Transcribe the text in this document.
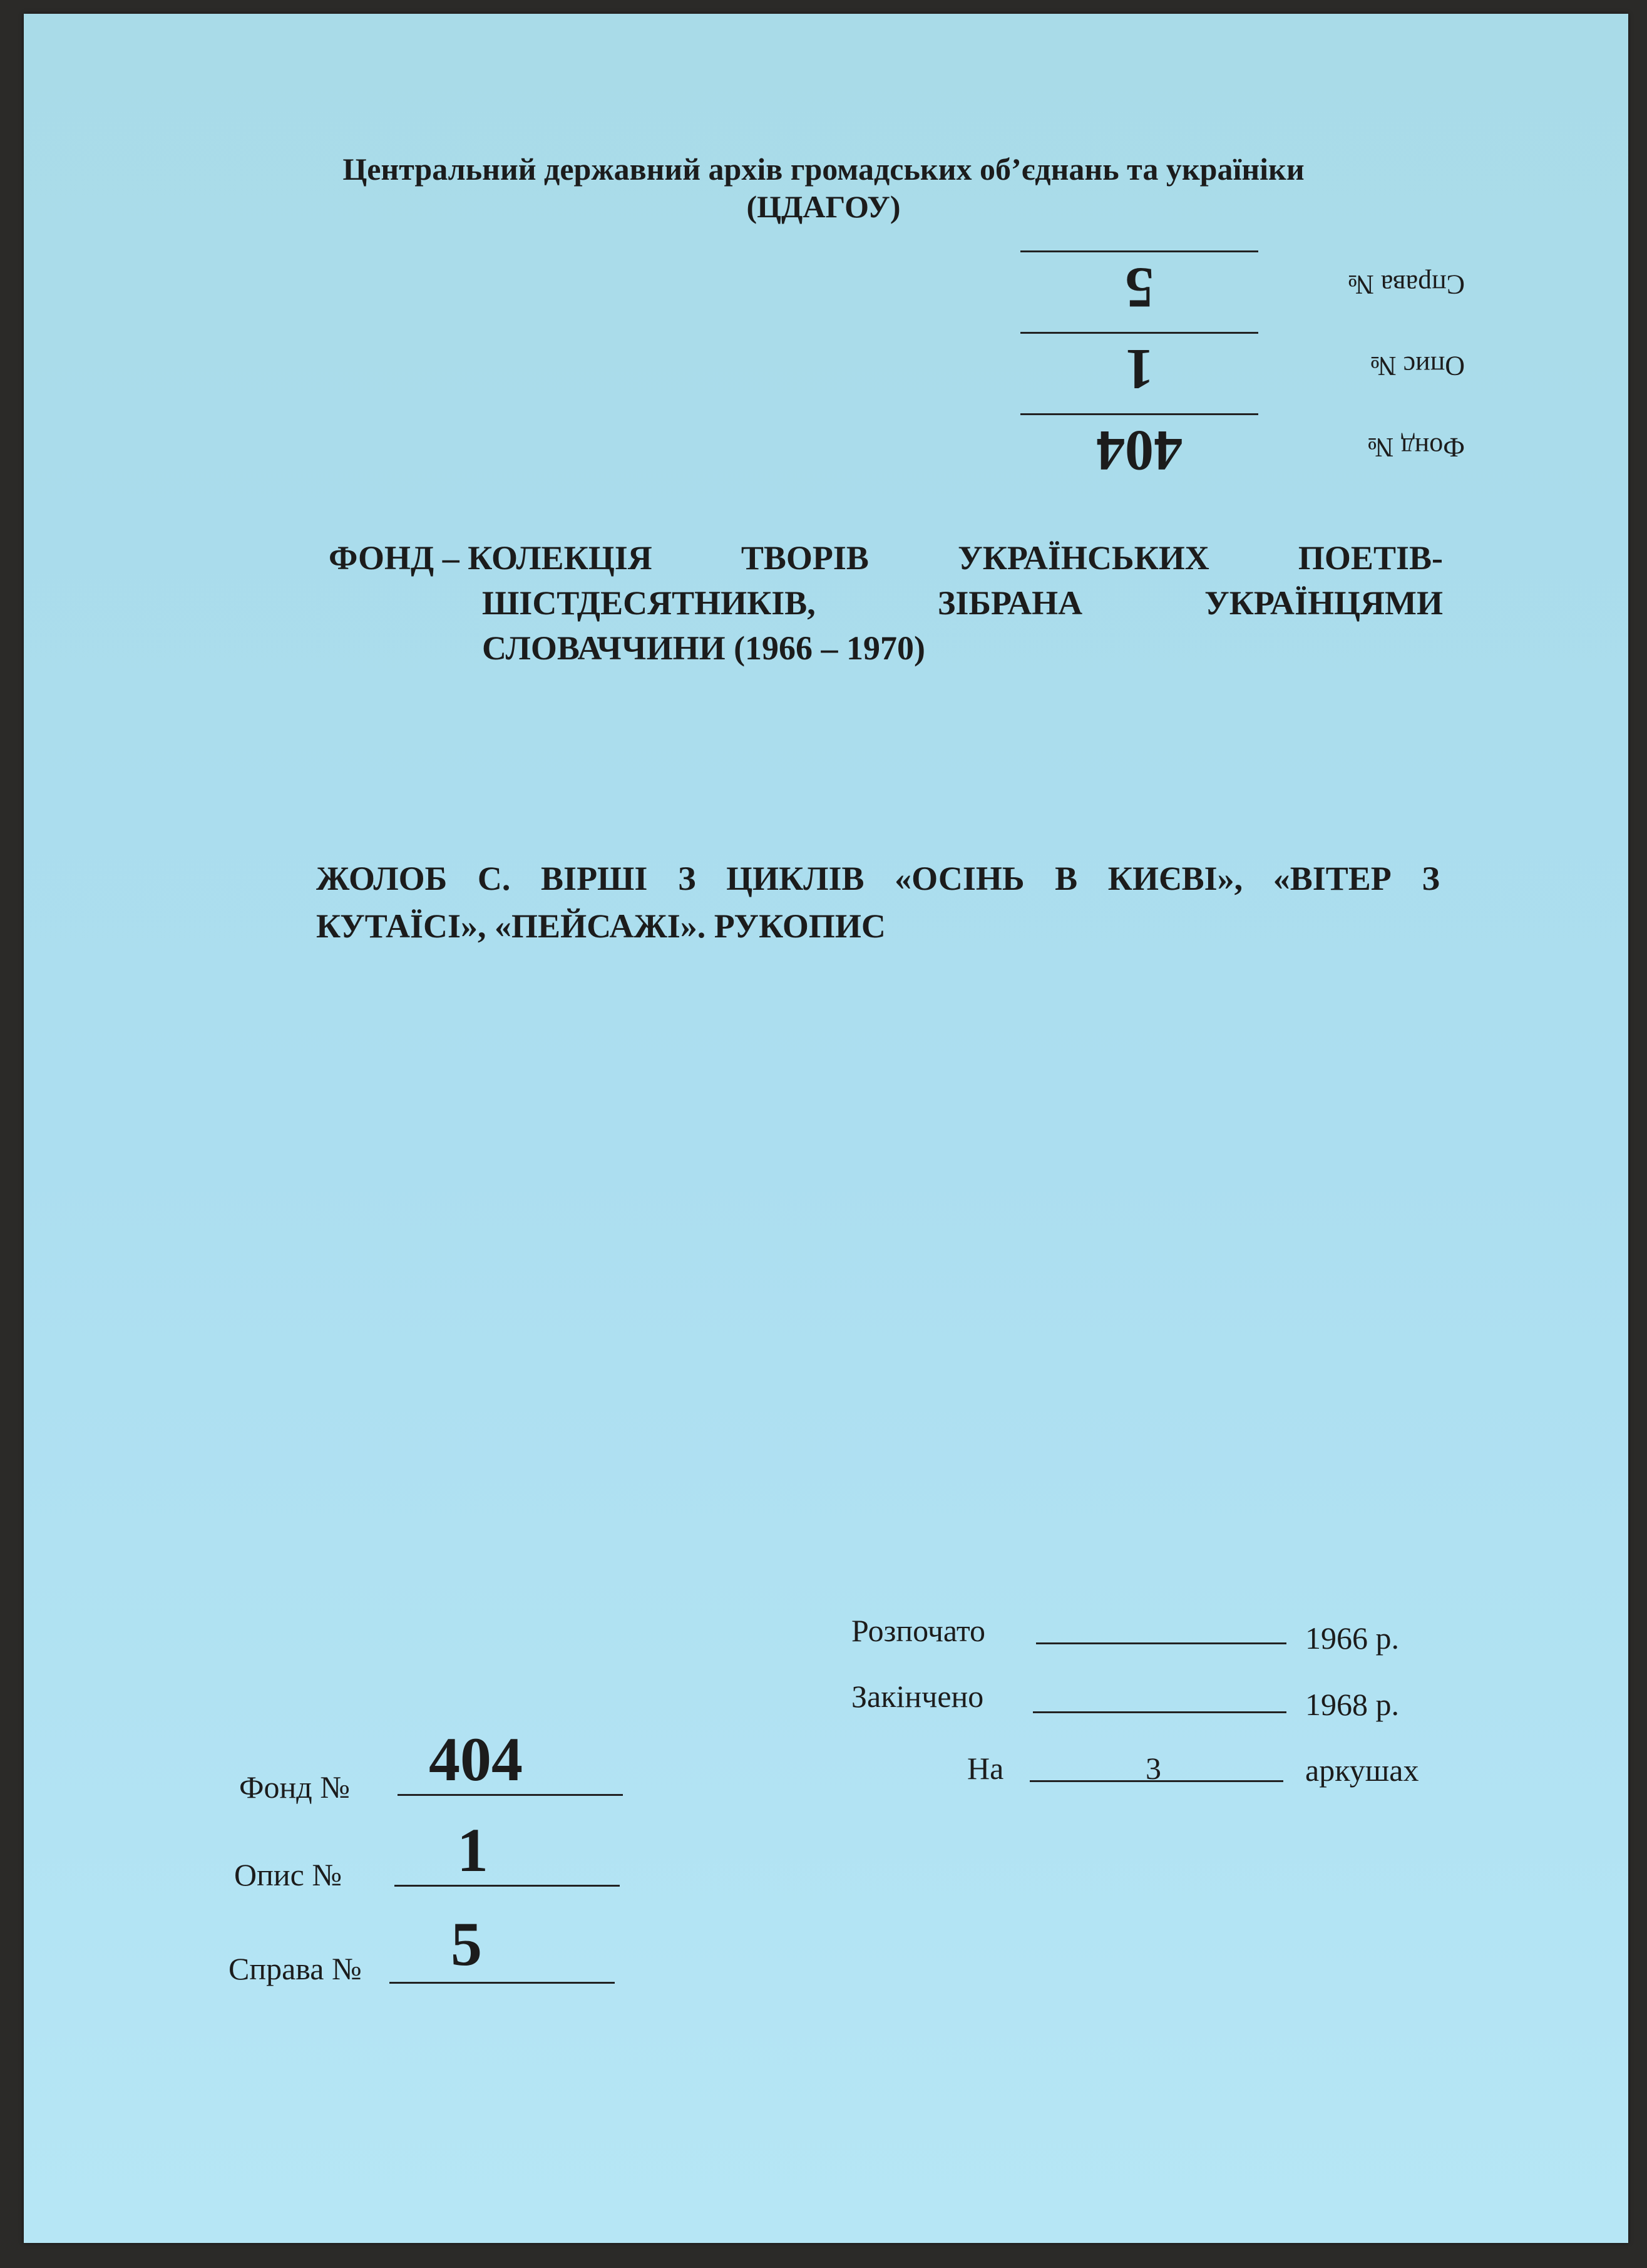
Центральний державний архів громадських об’єднань та україніки
(ЦДАГОУ)
Фонд №
404
Опис №
1
Справа №
5
ФОНД – КОЛЕКЦІЯ	ТВОРІВ	УКРАЇНСЬКИХ	ПОЕТІВ-
ШІСТДЕСЯТНИКІВ,	ЗІБРАНА	УКРАЇНЦЯМИ
СЛОВАЧЧИНИ (1966 – 1970)
ЖОЛОБ С. ВІРШІ З ЦИКЛІВ «ОСІНЬ В КИЄВІ», «ВІТЕР З
КУТАЇСІ», «ПЕЙСАЖІ». РУКОПИС
Розпочато	1966 р.
Закінчено	1968 р.
На	3	аркушах
Фонд №	404
Опис №	1
Справа №	5
